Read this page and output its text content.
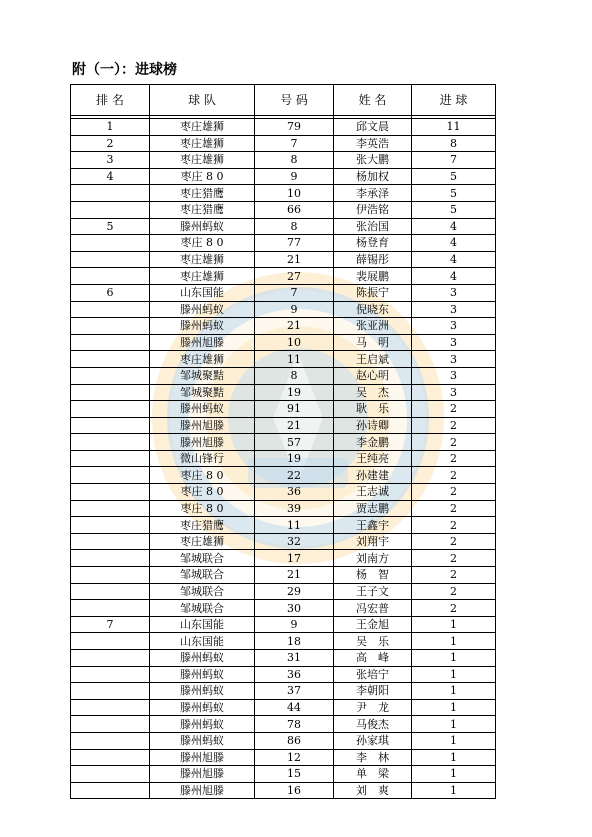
附（一）：进球榜
排 名	球 队	号 码	姓 名	进 球

1	枣庄雄狮	79	邱文晨	11
2	枣庄雄狮	7	李英浩	8
3	枣庄雄狮	8	张大鹏	7
4	枣庄 8 0	9	杨加权	5
	枣庄猎鹰	10	李承泽	5
	枣庄猎鹰	66	伊浩铭	5
5	滕州蚂蚁	8	张治国	4
	枣庄 8 0	77	杨登育	4
	枣庄雄狮	21	薛锡彤	4
	枣庄雄狮	27	裴展鹏	4
6	山东国能	7	陈振宁	3
	滕州蚂蚁	9	倪晓东	3
	滕州蚂蚁	21	张亚洲	3
	滕州旭滕	10	马　明	3
	枣庄雄狮	11	王启斌	3
	邹城聚黠	8	赵心明	3
	邹城聚黠	19	吴　杰	3
	滕州蚂蚁	91	耿　乐	2
	滕州旭滕	21	孙诗卿	2
	滕州旭滕	57	李金鹏	2
	微山锋行	19	王纯亮	2
	枣庄 8 0	22	孙建建	2
	枣庄 8 0	36	王志诚	2
	枣庄 8 0	39	贾志鹏	2
	枣庄猎鹰	11	王鑫宇	2
	枣庄雄狮	32	刘翔宇	2
	邹城联合	17	刘南方	2
	邹城联合	21	杨　智	2
	邹城联合	29	王子文	2
	邹城联合	30	冯宏普	2
7	山东国能	9	王金旭	1
	山东国能	18	吴　乐	1
	滕州蚂蚁	31	高　峰	1
	滕州蚂蚁	36	张培宁	1
	滕州蚂蚁	37	李朝阳	1
	滕州蚂蚁	44	尹　龙	1
	滕州蚂蚁	78	马俊杰	1
	滕州蚂蚁	86	孙家琪	1
	滕州旭滕	12	李　林	1
	滕州旭滕	15	单　梁	1
	滕州旭滕	16	刘　爽	1
